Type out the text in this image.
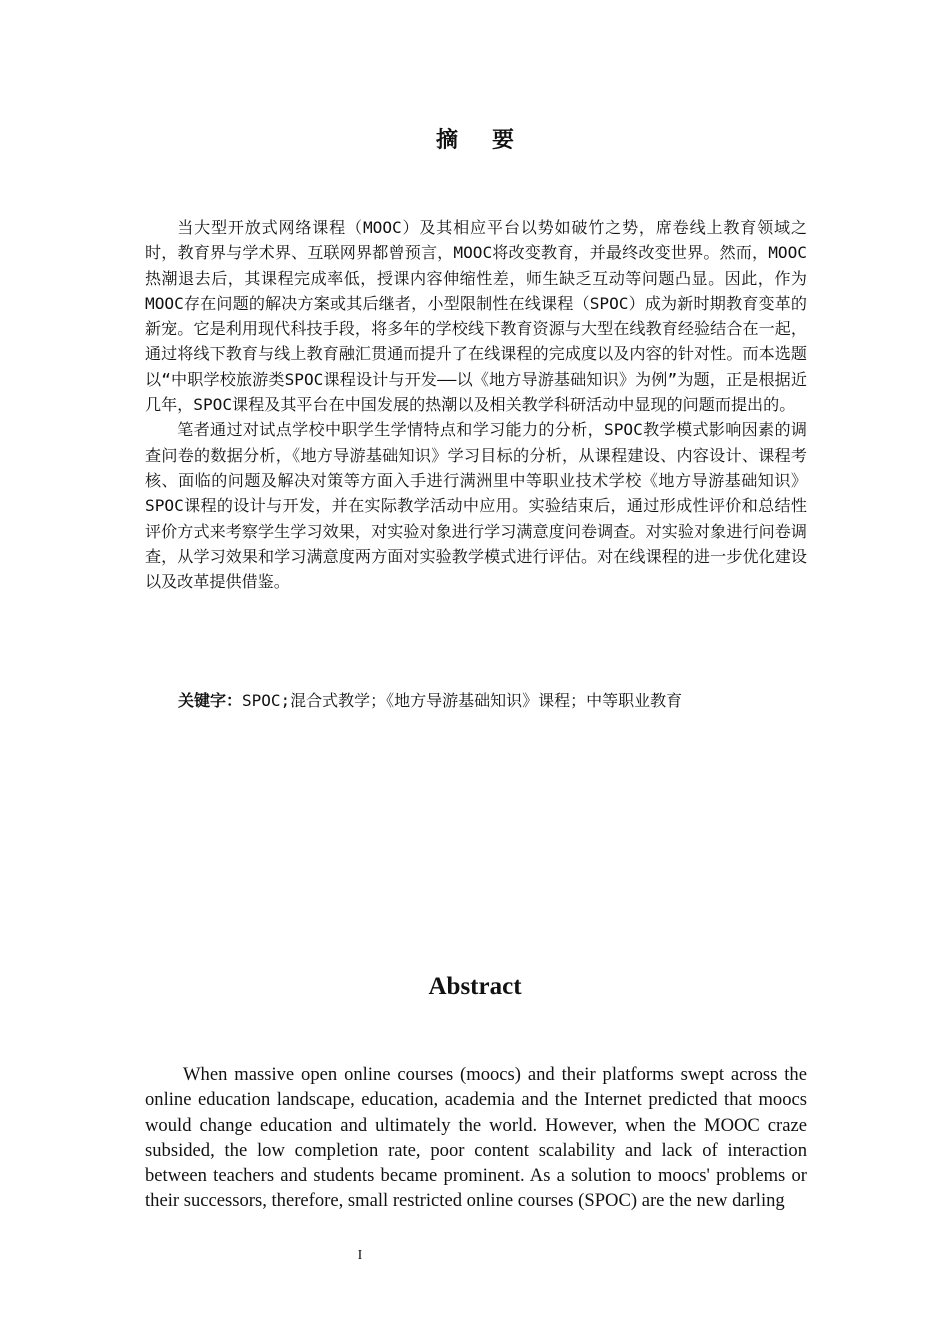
摘要

当大型开放式网络课程（MOOC）及其相应平台以势如破竹之势，席卷线上教育领域之时，教育界与学术界、互联网界都曾预言，MOOC将改变教育，并最终改变世界。然而，MOOC热潮退去后，其课程完成率低，授课内容伸缩性差，师生缺乏互动等问题凸显。因此，作为MOOC存在问题的解决方案或其后继者，小型限制性在线课程（SPOC）成为新时期教育变革的新宠。它是利用现代科技手段，将多年的学校线下教育资源与大型在线教育经验结合在一起，通过将线下教育与线上教育融汇贯通而提升了在线课程的完成度以及内容的针对性。而本选题以“中职学校旅游类SPOC课程设计与开发——以《地方导游基础知识》为例”为题，正是根据近几年，SPOC课程及其平台在中国发展的热潮以及相关教学科研活动中显现的问题而提出的。

笔者通过对试点学校中职学生学情特点和学习能力的分析，SPOC教学模式影响因素的调查问卷的数据分析，《地方导游基础知识》学习目标的分析，从课程建设、内容设计、课程考核、面临的问题及解决对策等方面入手进行满洲里中等职业技术学校《地方导游基础知识》SPOC课程的设计与开发，并在实际教学活动中应用。实验结束后，通过形成性评价和总结性评价方式来考察学生学习效果，对实验对象进行学习满意度问卷调查。对实验对象进行问卷调查，从学习效果和学习满意度两方面对实验教学模式进行评估。对在线课程的进一步优化建设以及改革提供借鉴。

关键字：SPOC;混合式教学；《地方导游基础知识》课程；中等职业教育

Abstract

When massive open online courses (moocs) and their platforms swept across the online education landscape, education, academia and the Internet predicted that moocs would change education and ultimately the world. However, when the MOOC craze subsided, the low completion rate, poor content scalability and lack of interaction between teachers and students became prominent. As a solution to moocs' problems or their successors, therefore, small restricted online courses (SPOC) are the new darling

I
